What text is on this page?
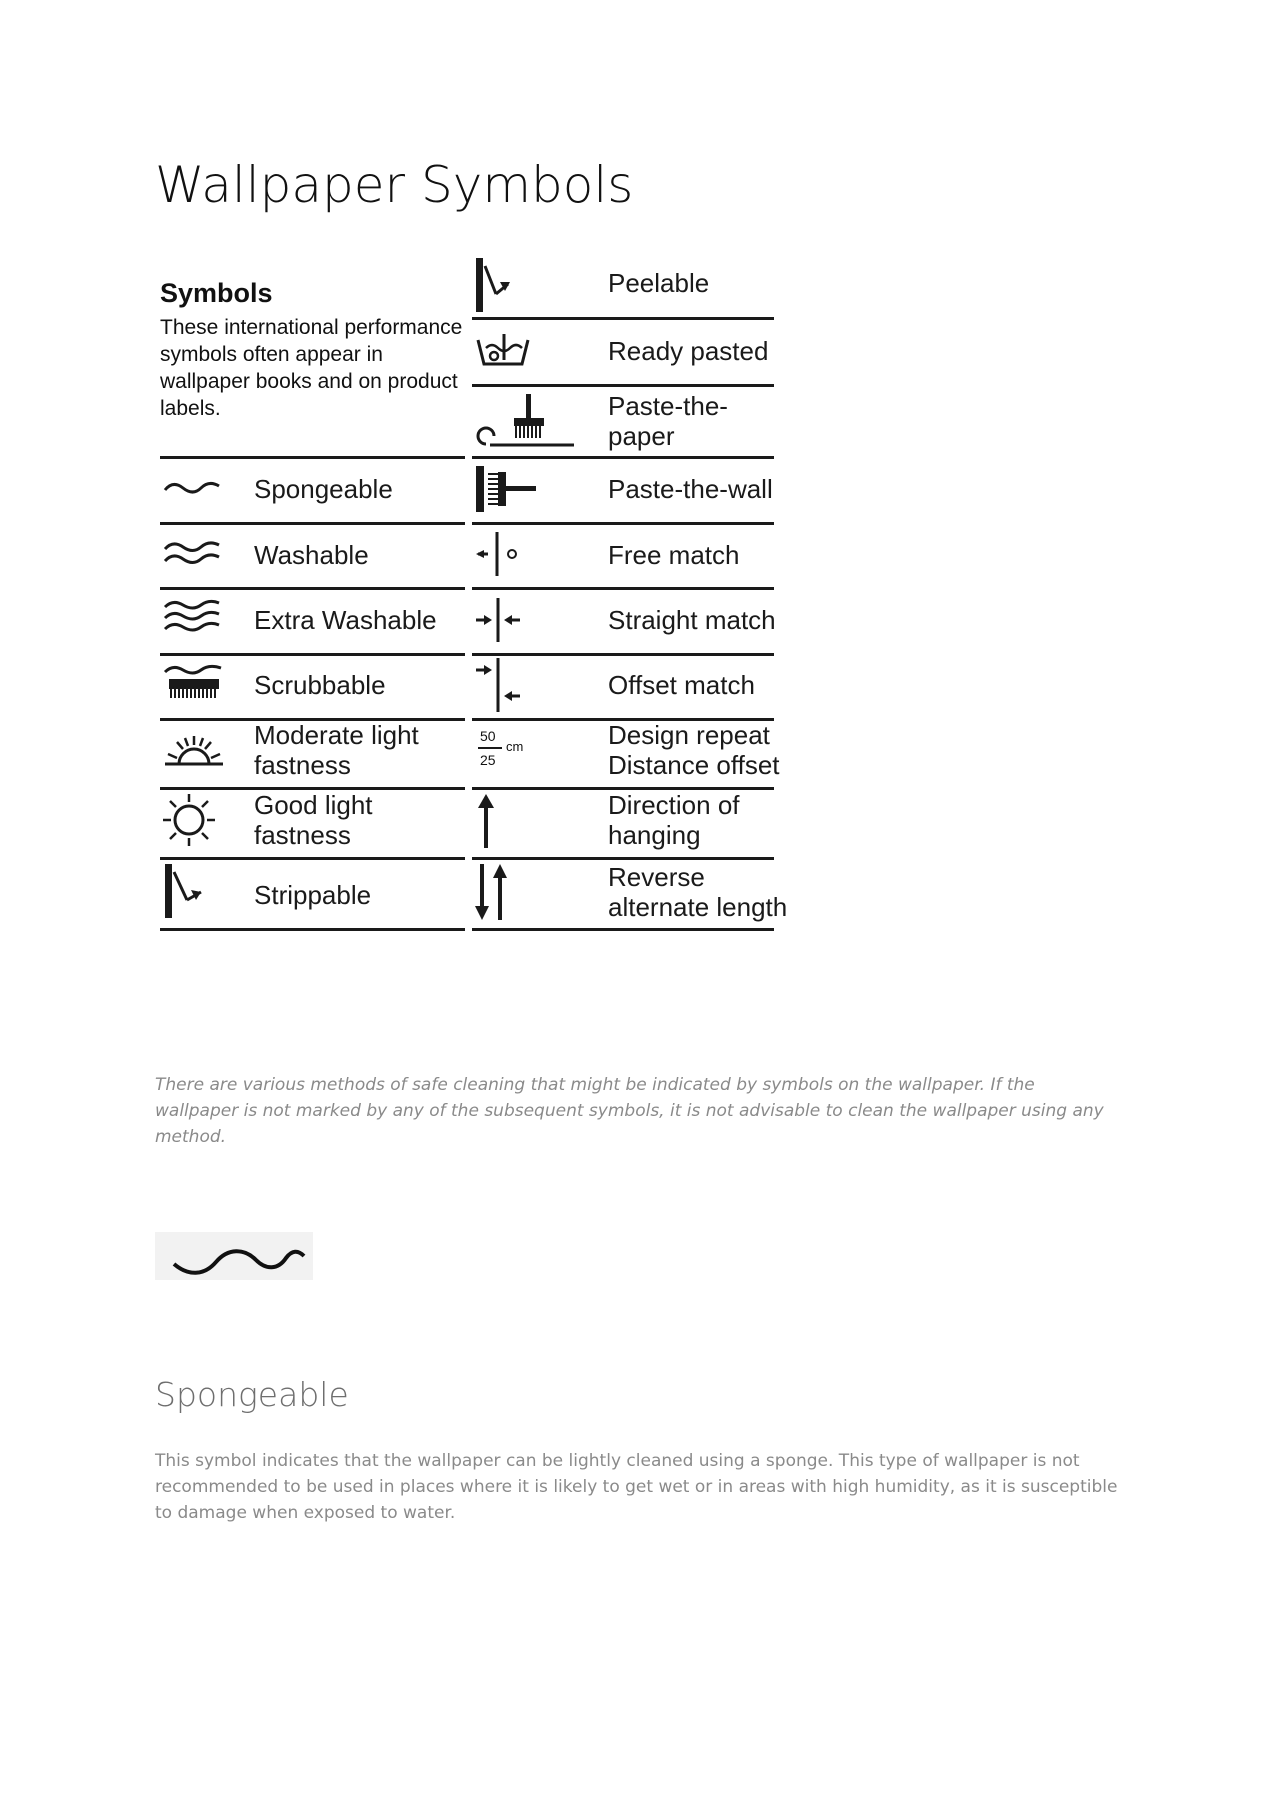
Wallpaper Symbols
Symbols
These international performance symbols often appear in wallpaper books and on product labels.
Spongeable
Washable
Extra Washable
Scrubbable
Moderate light fastness
Good light fastness
Strippable
Peelable
Ready pasted
Paste-the-paper
Paste-the-wall
Free match
Straight match
Offset match
50
25
cm	Design repeat Distance offset
Direction of hanging
Reverse alternate length

There are various methods of safe cleaning that might be indicated by symbols on the wallpaper. If the wallpaper is not marked by any of the subsequent symbols, it is not advisable to clean the wallpaper using any method.

Spongeable

This symbol indicates that the wallpaper can be lightly cleaned using a sponge. This type of wallpaper is not recommended to be used in places where it is likely to get wet or in areas with high humidity, as it is susceptible to damage when exposed to water.
